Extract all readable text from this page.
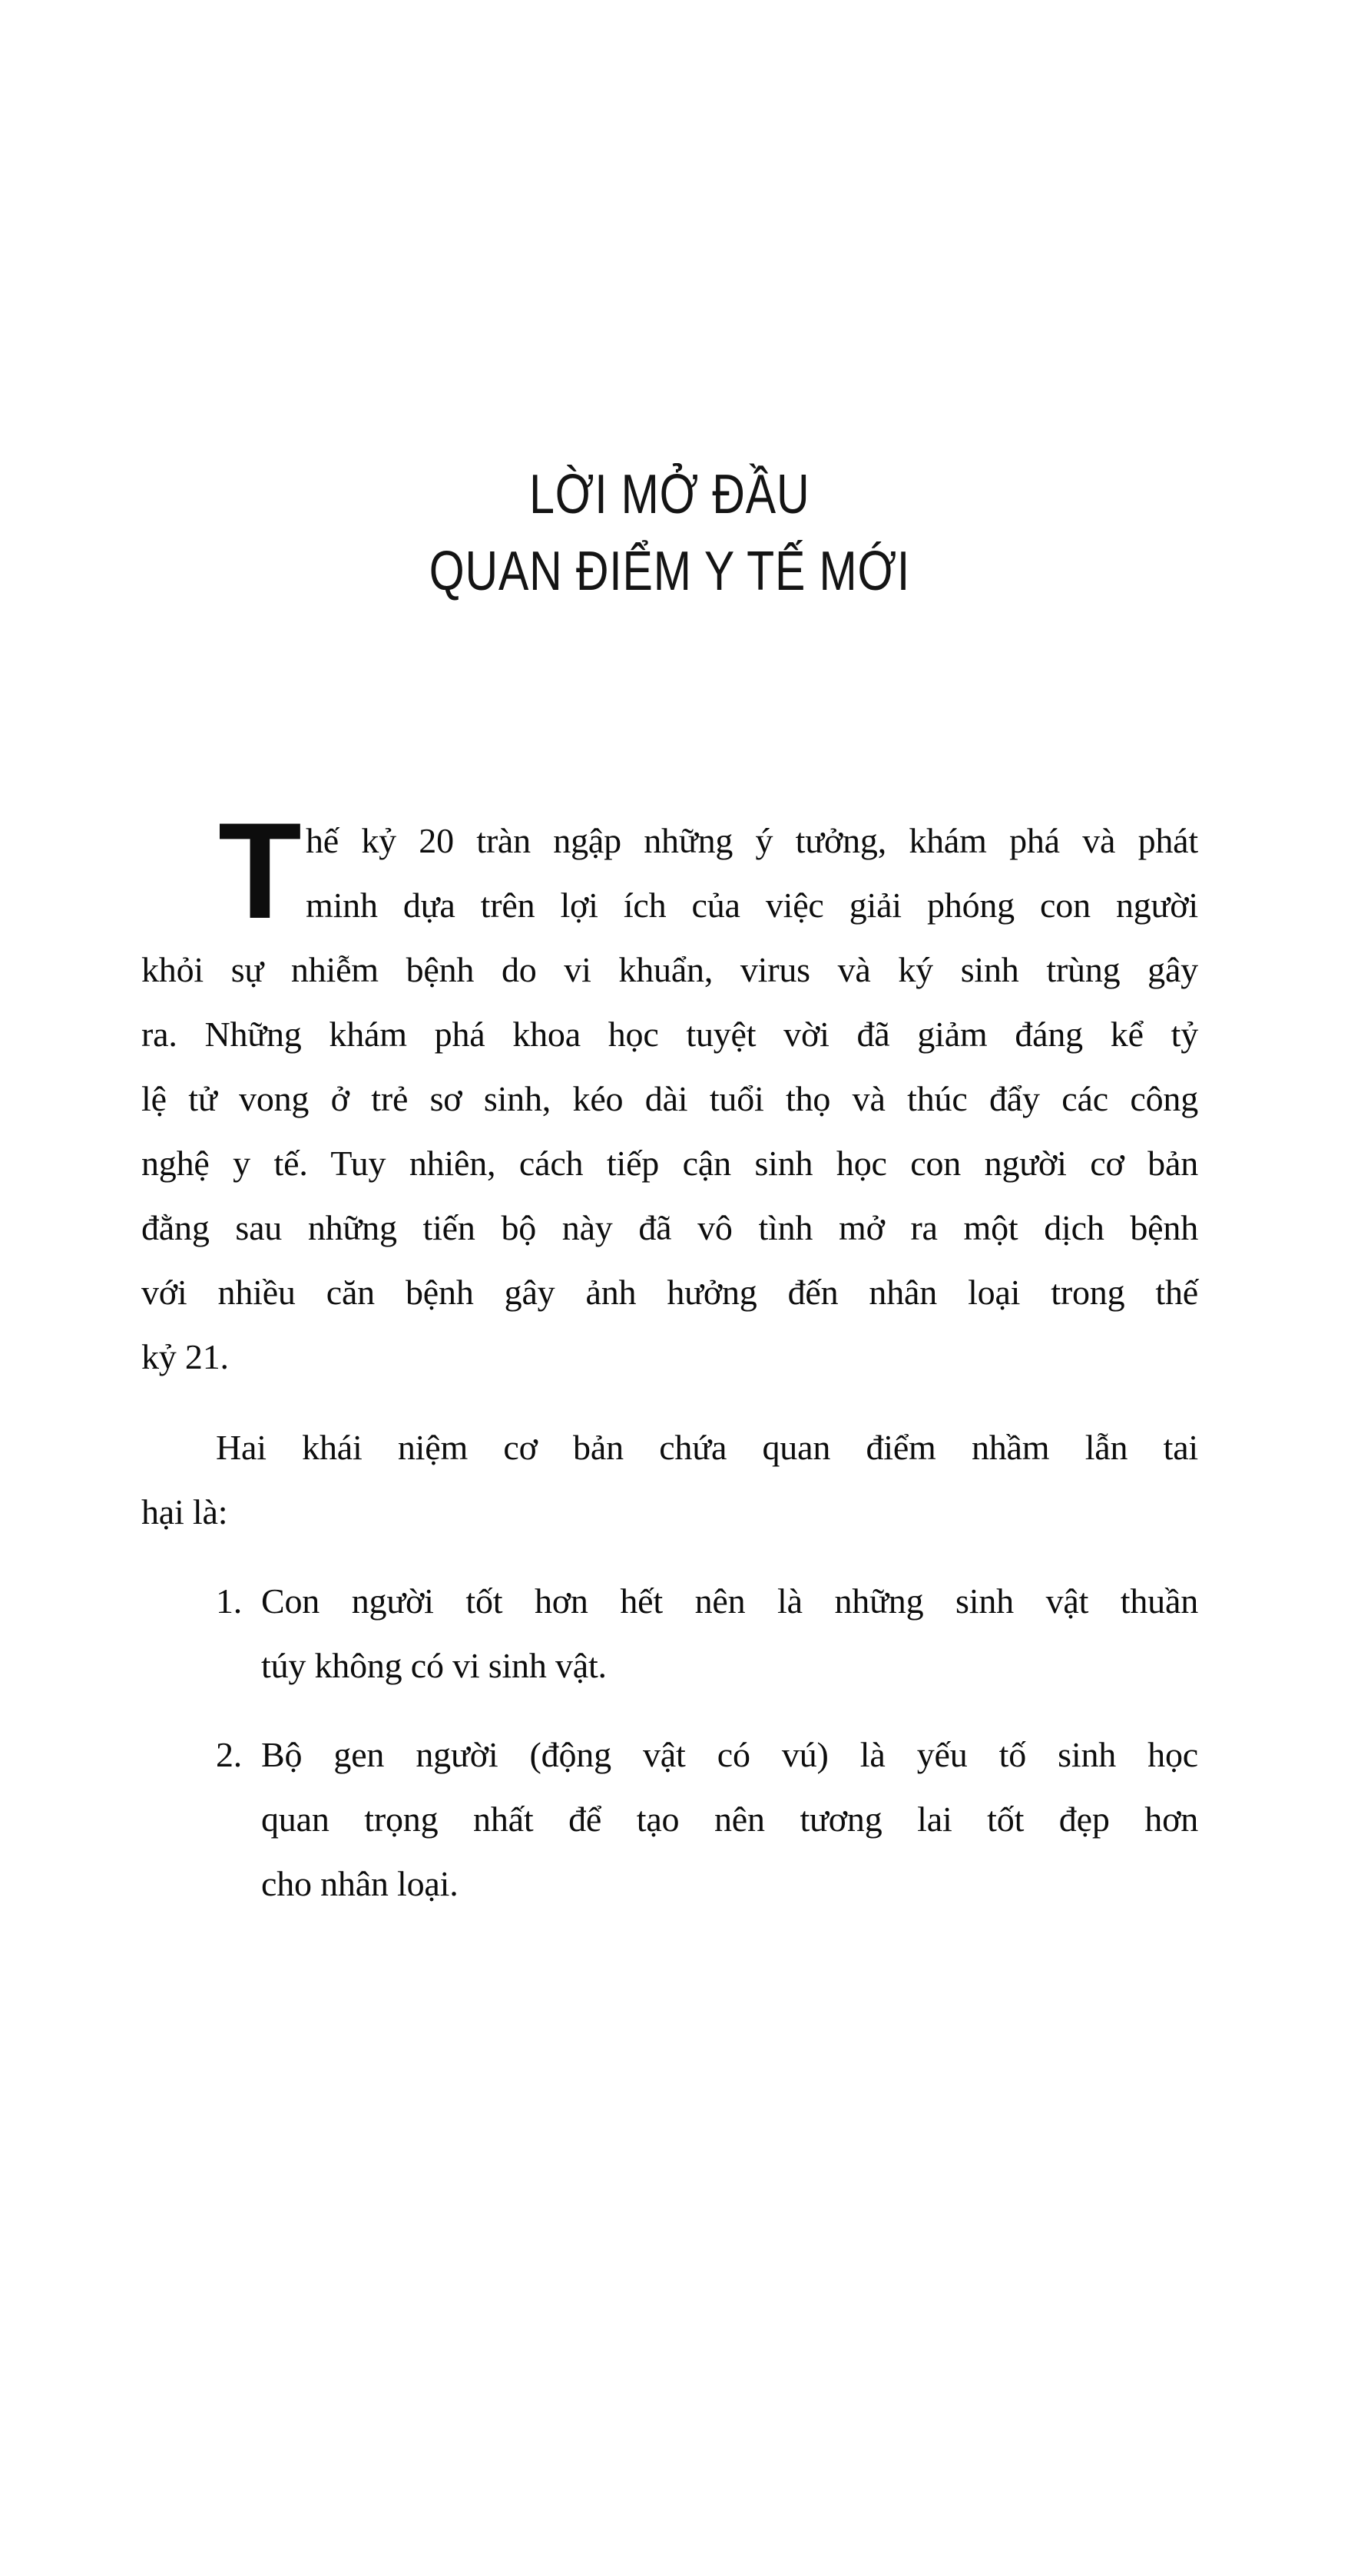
LỜI MỞ ĐẦU
QUAN ĐIỂM Y TẾ MỚI
T hế kỷ 20 tràn ngập những ý tưởng, khám phá và phát
minh dựa trên lợi ích của việc giải phóng con người
khỏi sự nhiễm bệnh do vi khuẩn, virus và ký sinh trùng gây
ra. Những khám phá khoa học tuyệt vời đã giảm đáng kể tỷ
lệ tử vong ở trẻ sơ sinh, kéo dài tuổi thọ và thúc đẩy các công
nghệ y tế. Tuy nhiên, cách tiếp cận sinh học con người cơ bản
đằng sau những tiến bộ này đã vô tình mở ra một dịch bệnh
với nhiều căn bệnh gây ảnh hưởng đến nhân loại trong thế
kỷ 21.
Hai khái niệm cơ bản chứa quan điểm nhầm lẫn tai
hại là:
1. Con người tốt hơn hết nên là những sinh vật thuần
túy không có vi sinh vật.
2. Bộ gen người (động vật có vú) là yếu tố sinh học
quan trọng nhất để tạo nên tương lai tốt đẹp hơn
cho nhân loại.
